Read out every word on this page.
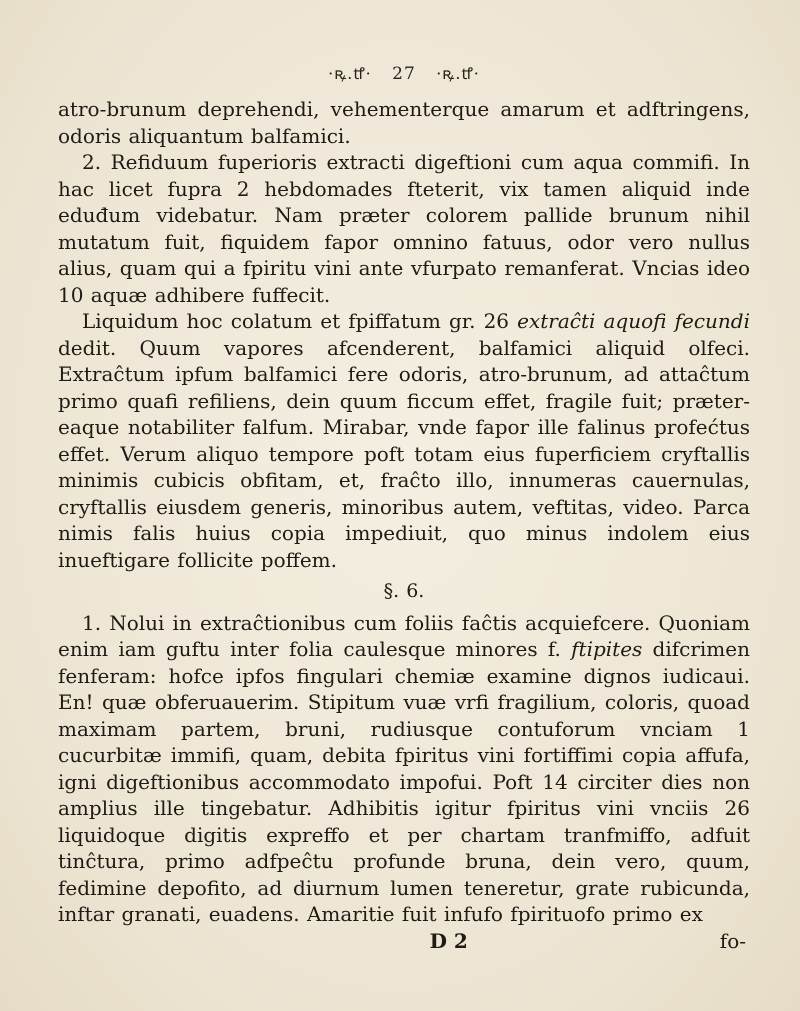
·ꝶ.ꝷ· 27 ·ꝶ.ꝷ·

atro-brunum deprehendi, vehementerque amarum et adftringens, odoris aliquantum balfamici.

2. Refiduum fuperioris extracti digeftioni cum aqua commifi. In hac licet fupra 2 hebdomades fteterit, vix tamen aliquid inde eduđum videbatur. Nam præter colorem pallide brunum nihil mutatum fuit, fiquidem fapor omnino fatuus, odor vero nullus alius, quam qui a fpiritu vini ante vfurpato remanferat. Vncias ideo 10 aquæ adhibere fuffecit.

Liquidum hoc colatum et fpiffatum gr. 26 extraĉti aquofi fecundi dedit. Quum vapores afcenderent, balfamici aliquid olfeci. Extraĉtum ipfum balfamici fere odoris, atro-brunum, ad attaĉtum primo quafi refiliens, dein quum ficcum effet, fragile fuit; præter-eaque notabiliter falfum. Mirabar, vnde fapor ille falinus profećtus effet. Verum aliquo tempore poft totam eius fuperficiem cryftallis minimis cubicis obfitam, et, fraĉto illo, innumeras cauernulas, cryftallis eiusdem generis, minoribus autem, veftitas, video. Parca nimis falis huius copia impediuit, quo minus indolem eius inueftigare follicite poffem.

§. 6.

1. Nolui in extraĉtionibus cum foliis faĉtis acquiefcere. Quoniam enim iam guftu inter folia caulesque minores f. ftipites difcrimen fenferam: hofce ipfos fingulari chemiæ examine dignos iudicaui. En! quæ obferuauerim. Stipitum vuæ vrfi fragilium, coloris, quoad maximam partem, bruni, rudiusque contuforum vnciam 1 cucurbitæ immifi, quam, debita fpiritus vini fortiffimi copia affufa, igni digeftionibus accommodato impofui. Poft 14 circiter dies non amplius ille tingebatur. Adhibitis igitur fpiritus vini vnciis 26 liquidoque digitis expreffo et per chartam tranfmiffo, adfuit tinĉtura, primo adfpeĉtu profunde bruna, dein vero, quum, fedimine depofito, ad diurnum lumen teneretur, grate rubicunda, inftar granati, euadens. Amaritie fuit infufo fpirituofo primo ex

D 2	fo-
